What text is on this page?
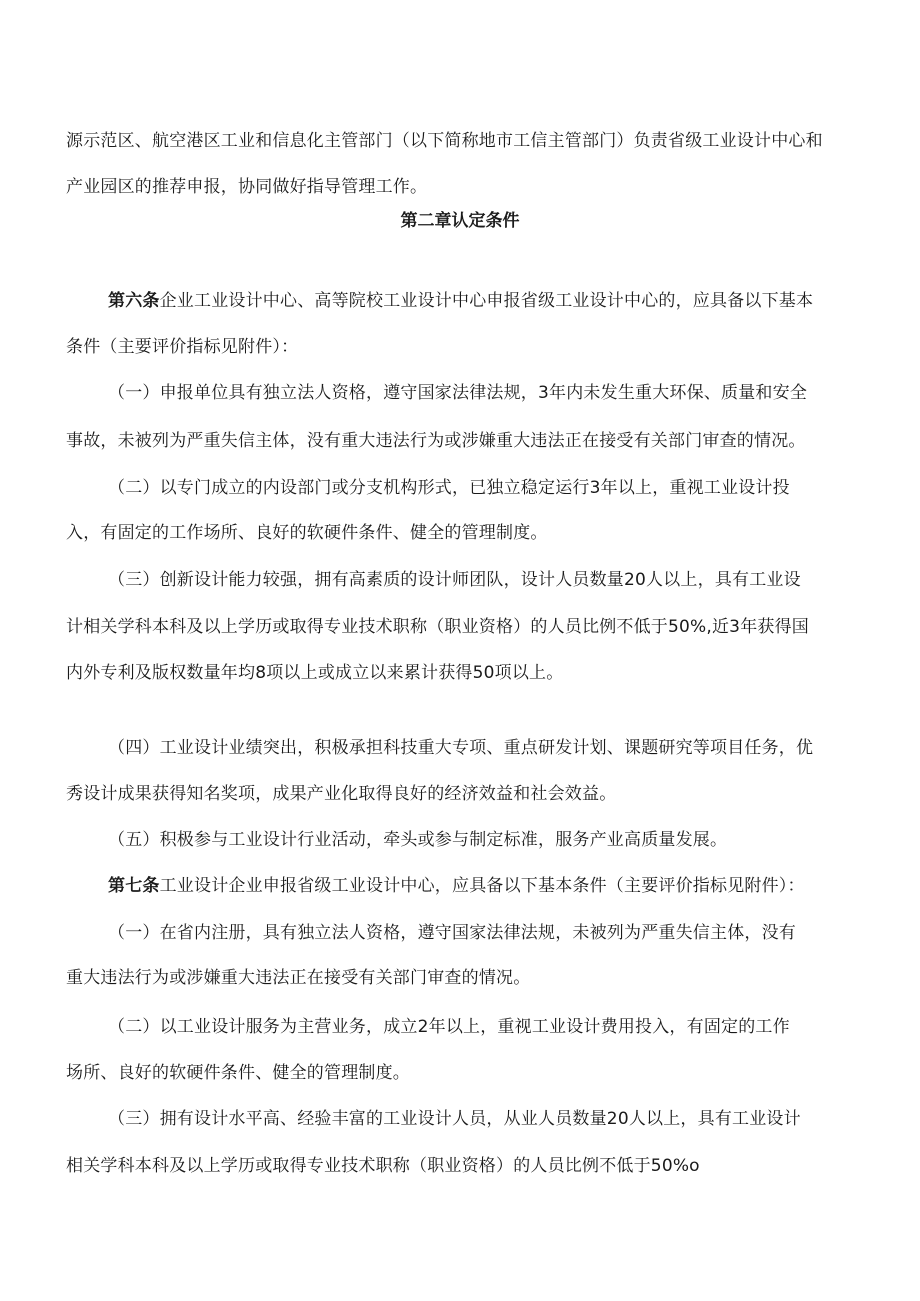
源示范区、航空港区工业和信息化主管部门（以下简称地市工信主管部门）负责省级工业设计中心和
产业园区的推荐申报，协同做好指导管理工作。
第二章认定条件
第六条企业工业设计中心、高等院校工业设计中心申报省级工业设计中心的，应具备以下基本
条件（主要评价指标见附件）：
（一）申报单位具有独立法人资格，遵守国家法律法规，3年内未发生重大环保、质量和安全
事故，未被列为严重失信主体，没有重大违法行为或涉嫌重大违法正在接受有关部门审查的情况。
（二）以专门成立的内设部门或分支机构形式，已独立稳定运行3年以上，重视工业设计投
入，有固定的工作场所、良好的软硬件条件、健全的管理制度。
（三）创新设计能力较强，拥有高素质的设计师团队，设计人员数量20人以上，具有工业设
计相关学科本科及以上学历或取得专业技术职称（职业资格）的人员比例不低于50%,近3年获得国
内外专利及版权数量年均8项以上或成立以来累计获得50项以上。
（四）工业设计业绩突出，积极承担科技重大专项、重点研发计划、课题研究等项目任务，优
秀设计成果获得知名奖项，成果产业化取得良好的经济效益和社会效益。
（五）积极参与工业设计行业活动，牵头或参与制定标准，服务产业高质量发展。
第七条工业设计企业申报省级工业设计中心，应具备以下基本条件（主要评价指标见附件）：
（一）在省内注册，具有独立法人资格，遵守国家法律法规，未被列为严重失信主体，没有
重大违法行为或涉嫌重大违法正在接受有关部门审查的情况。
（二）以工业设计服务为主营业务，成立2年以上，重视工业设计费用投入，有固定的工作
场所、良好的软硬件条件、健全的管理制度。
（三）拥有设计水平高、经验丰富的工业设计人员，从业人员数量20人以上，具有工业设计
相关学科本科及以上学历或取得专业技术职称（职业资格）的人员比例不低于50%o
